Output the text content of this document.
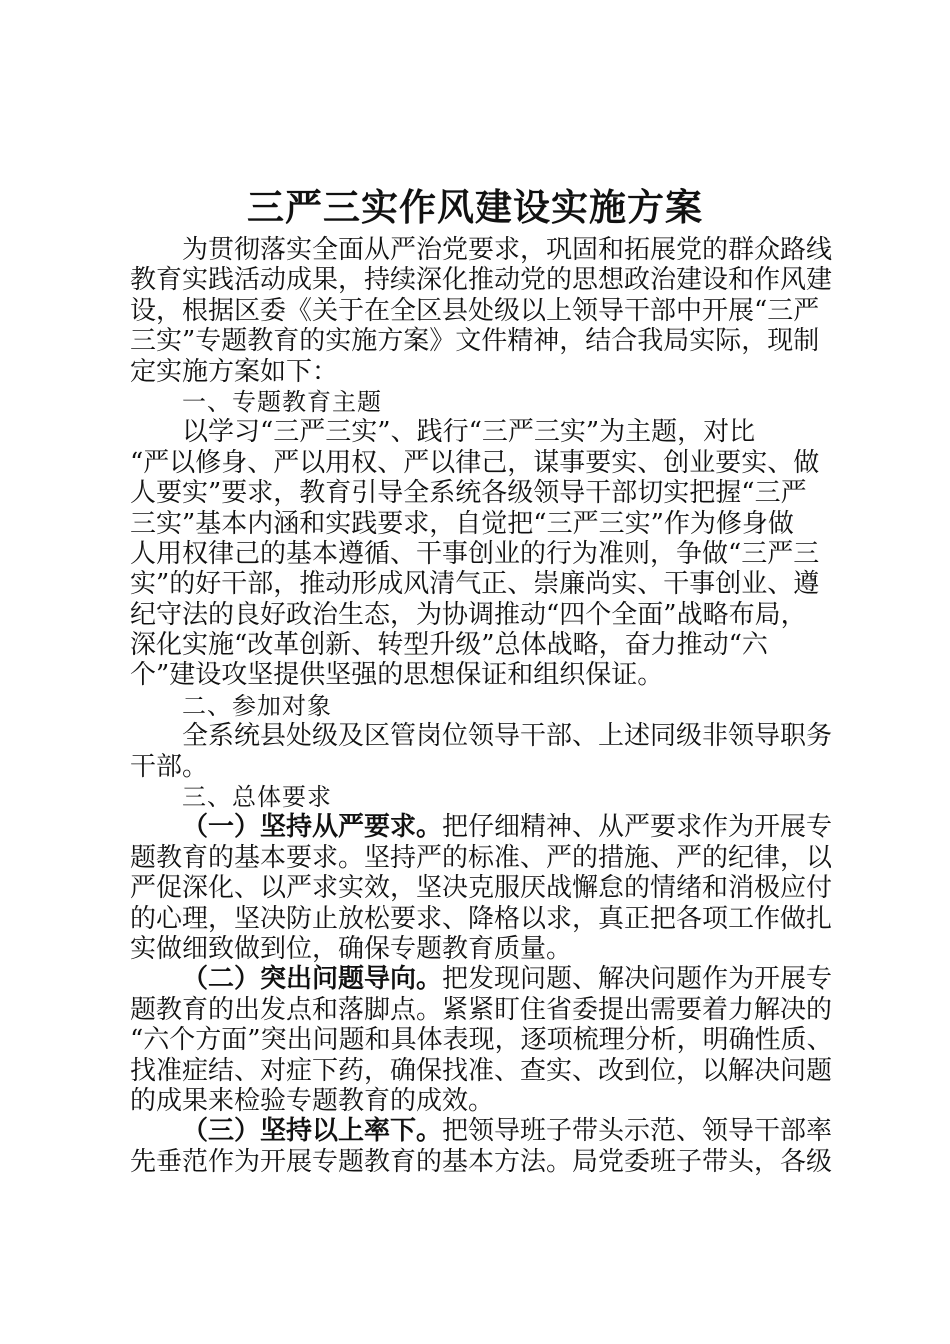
三严三实作风建设实施方案
为贯彻落实全面从严治党要求，巩固和拓展党的群众路线
教育实践活动成果，持续深化推动党的思想政治建设和作风建
设，根据区委《关于在全区县处级以上领导干部中开展“三严
三实”专题教育的实施方案》文件精神，结合我局实际，现制
定实施方案如下：
一、专题教育主题
以学习“三严三实”、践行“三严三实”为主题，对比
“严以修身、严以用权、严以律己，谋事要实、创业要实、做
人要实”要求，教育引导全系统各级领导干部切实把握“三严
三实”基本内涵和实践要求，自觉把“三严三实”作为修身做
人用权律己的基本遵循、干事创业的行为准则，争做“三严三
实”的好干部，推动形成风清气正、崇廉尚实、干事创业、遵
纪守法的良好政治生态，为协调推动“四个全面”战略布局，
深化实施“改革创新、转型升级”总体战略，奋力推动“六
个”建设攻坚提供坚强的思想保证和组织保证。
二、参加对象
全系统县处级及区管岗位领导干部、上述同级非领导职务
干部。
三、总体要求
（一）坚持从严要求。把仔细精神、从严要求作为开展专
题教育的基本要求。坚持严的标准、严的措施、严的纪律，以
严促深化、以严求实效，坚决克服厌战懈怠的情绪和消极应付
的心理，坚决防止放松要求、降格以求，真正把各项工作做扎
实做细致做到位，确保专题教育质量。
（二）突出问题导向。把发现问题、解决问题作为开展专
题教育的出发点和落脚点。紧紧盯住省委提出需要着力解决的
“六个方面”突出问题和具体表现，逐项梳理分析，明确性质、
找准症结、对症下药，确保找准、查实、改到位，以解决问题
的成果来检验专题教育的成效。
（三）坚持以上率下。把领导班子带头示范、领导干部率
先垂范作为开展专题教育的基本方法。局党委班子带头，各级
